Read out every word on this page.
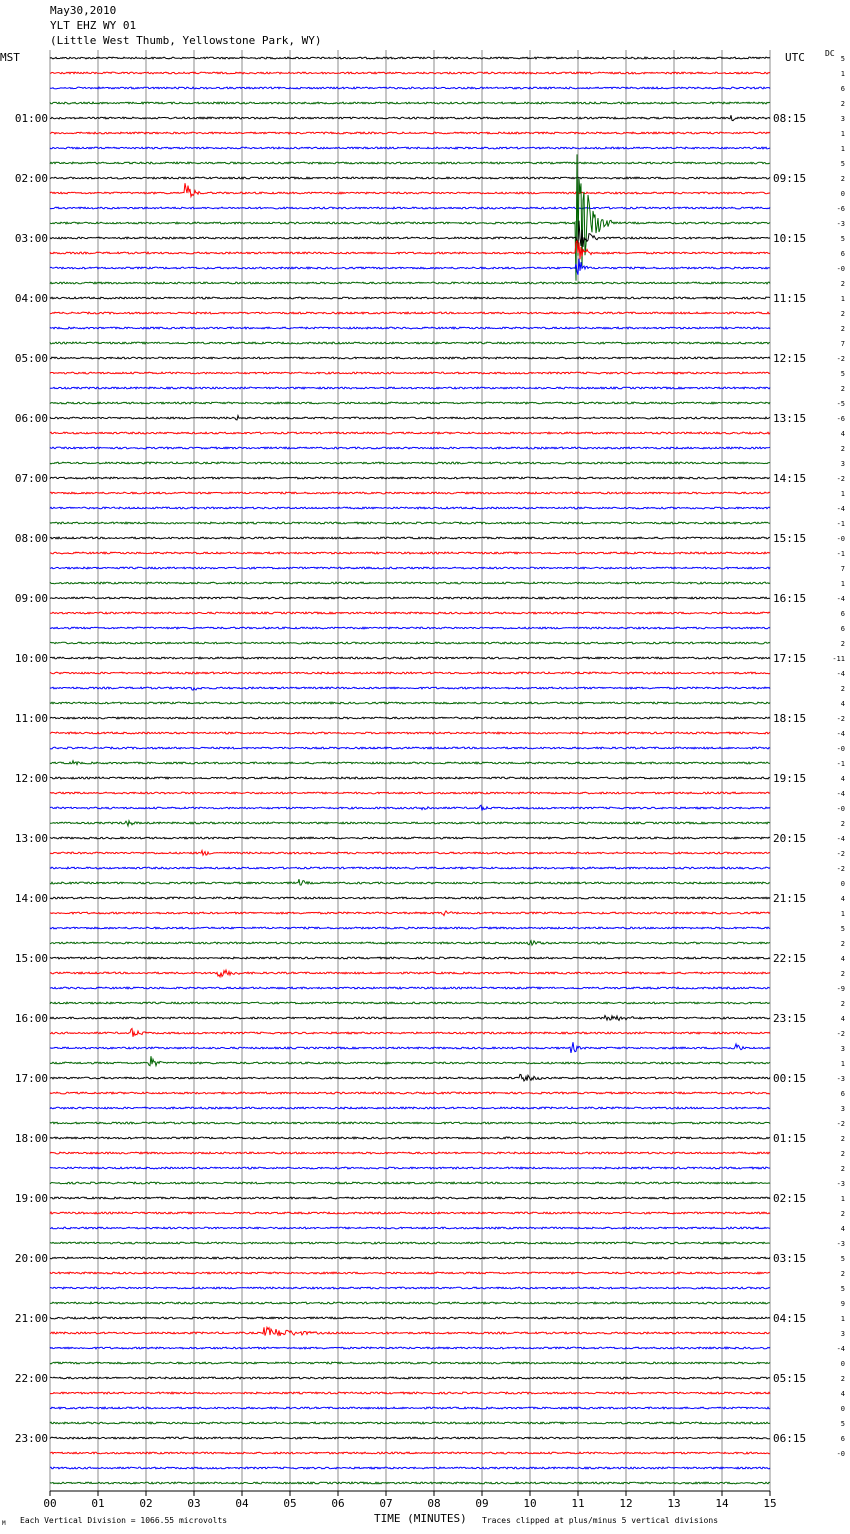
5
1
6
2
3
1
1
5
2
0
-6
-3
5
6
-0
2
1
2
2
7
-2
5
2
-5
-6
4
2
3
-2
1
-4
-1
-0
-1
7
1
-4
6
6
2
-11
-4
2
4
-2
-4
-0
-1
4
-4
-0
2
-4
-2
-2
0
4
1
5
2
4
2
-9
2
4
-2
3
1
-3
6
3
-2
2
2
2
-3
1
2
4
-3
5
2
5
9
1
3
-4
0
2
4
0
5
6
-0
01:00	08:15
02:00	09:15
03:00	10:15
04:00	11:15
05:00	12:15
06:00	13:15
07:00	14:15
08:00	15:15
09:00	16:15
10:00	17:15
11:00	18:15
12:00	19:15
13:00	20:15
14:00	21:15
15:00	22:15
16:00	23:15
17:00	00:15
18:00	01:15
19:00	02:15
20:00	03:15
21:00	04:15
22:00	05:15
23:00	06:15
00	01	02	03	04	05	06	07	08	09	10	11	12	13	14	15
May30,2010
YLT EHZ WY 01
(Little West Thumb, Yellowstone Park, WY)
MST	UTC	DC
M Each Vertical Division = 1066.55 microvolts	TIME (MINUTES) Traces clipped at plus/minus 5 vertical divisions
